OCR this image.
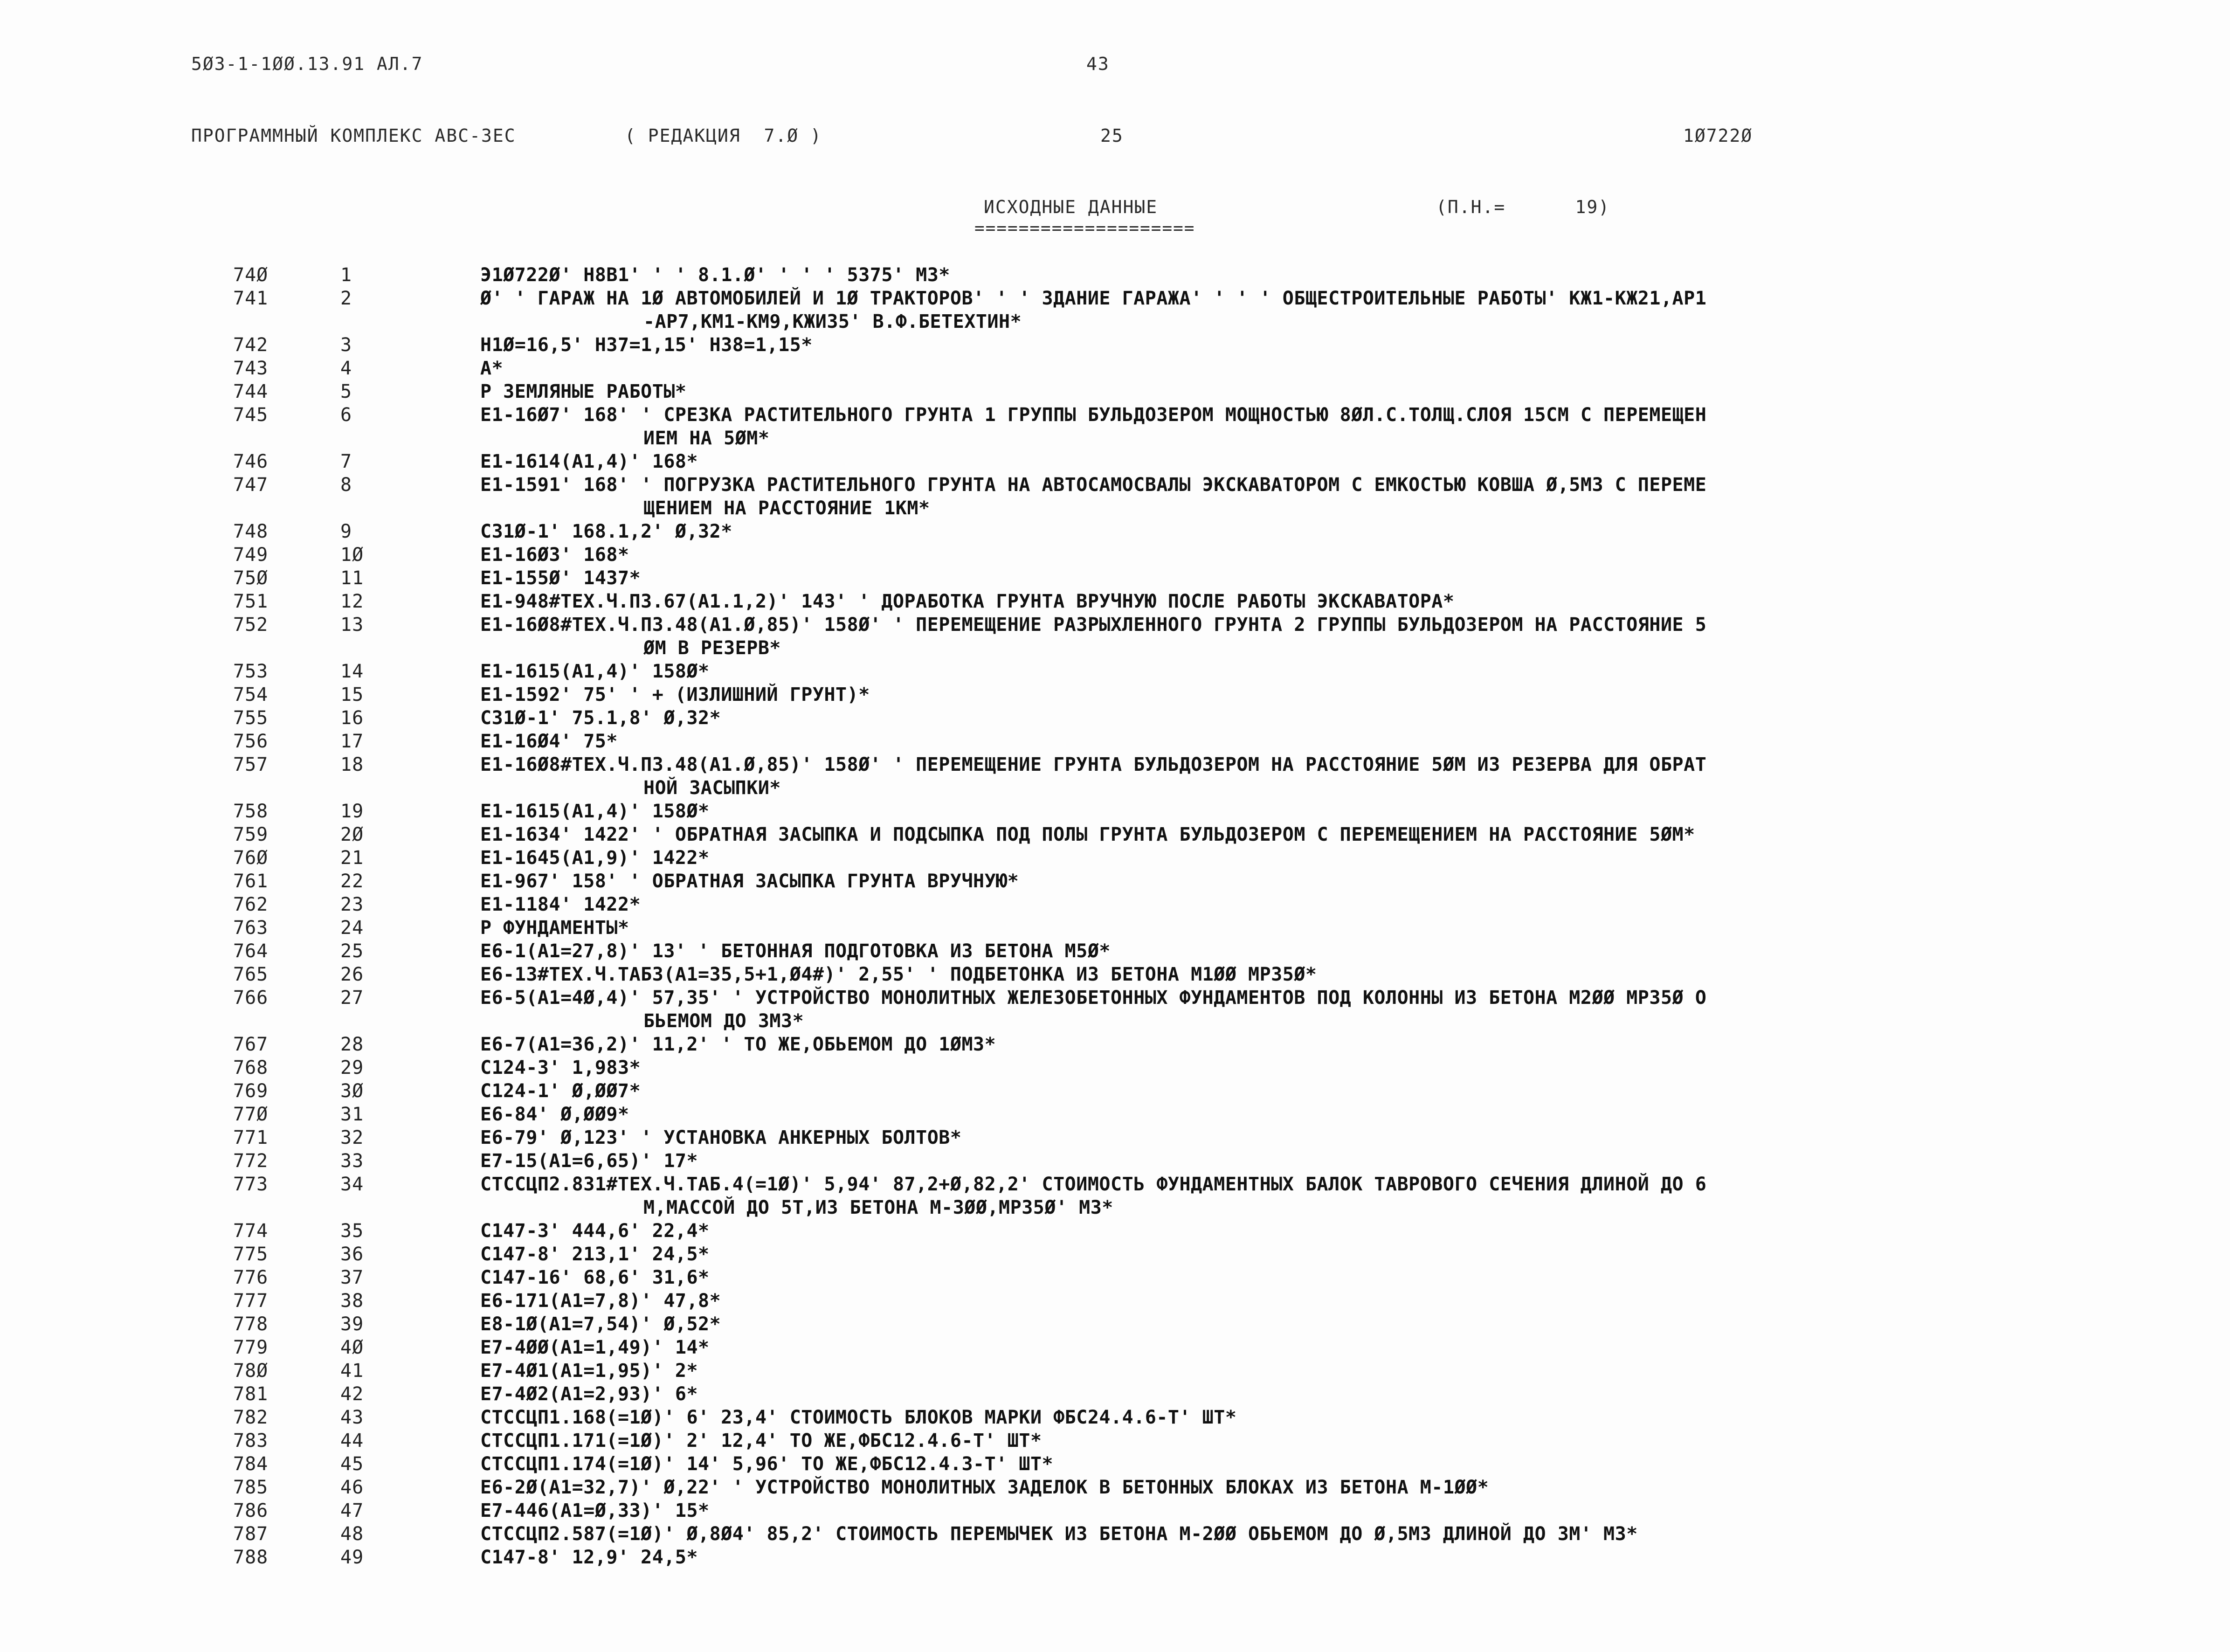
5Ø3-1-1ØØ.13.91 АЛ.7	43
ПРОГРАММНЫЙ КОМПЛЕКС АВС-3ЕС	( РЕДАКЦИЯ  7.Ø )	25	1Ø722Ø
ИСХОДНЫЕ ДАННЫЕ
====================
(П.Н.=      19)
74Ø	1	Э1Ø722Ø' Н8В1' ' ' 8.1.Ø' ' ' ' 5375' М3*
741	2	Ø' ' ГАРАЖ НА 1Ø АВТОМОБИЛЕЙ И 1Ø ТРАКТОРОВ' ' ' ЗДАНИЕ ГАРАЖА' ' ' ' ОБЩЕСТРОИТЕЛЬНЫЕ РАБОТЫ' КЖ1-КЖ21,АР1
-АР7,КМ1-КМ9,КЖИ35' В.Ф.БЕТЕХТИН*
742	3	Н1Ø=16,5' Н37=1,15' Н38=1,15*
743	4	А*
744	5	Р ЗЕМЛЯНЫЕ РАБОТЫ*
745	6	Е1-16Ø7' 168' ' СРЕЗКА РАСТИТЕЛЬНОГО ГРУНТА 1 ГРУППЫ БУЛЬДОЗЕРОМ МОЩНОСТЬЮ 8ØЛ.С.ТОЛЩ.СЛОЯ 15СМ С ПЕРЕМЕЩЕН
ИЕМ НА 5ØМ*
746	7	Е1-1614(А1,4)' 168*
747	8	Е1-1591' 168' ' ПОГРУЗКА РАСТИТЕЛЬНОГО ГРУНТА НА АВТОСАМОСВАЛЫ ЭКСКАВАТОРОМ С ЕМКОСТЬЮ КОВША Ø,5М3 С ПЕРЕМЕ
ЩЕНИЕМ НА РАССТОЯНИЕ 1КМ*
748	9	С31Ø-1' 168.1,2' Ø,32*
749	1Ø	Е1-16Ø3' 168*
75Ø	11	Е1-155Ø' 1437*
751	12	Е1-948#ТЕХ.Ч.П3.67(А1.1,2)' 143' ' ДОРАБОТКА ГРУНТА ВРУЧНУЮ ПОСЛЕ РАБОТЫ ЭКСКАВАТОРА*
752	13	Е1-16Ø8#ТЕХ.Ч.П3.48(А1.Ø,85)' 158Ø' ' ПЕРЕМЕЩЕНИЕ РАЗРЫХЛЕННОГО ГРУНТА 2 ГРУППЫ БУЛЬДОЗЕРОМ НА РАССТОЯНИЕ 5
ØМ В РЕЗЕРВ*
753	14	Е1-1615(А1,4)' 158Ø*
754	15	Е1-1592' 75' ' + (ИЗЛИШНИЙ ГРУНТ)*
755	16	С31Ø-1' 75.1,8' Ø,32*
756	17	Е1-16Ø4' 75*
757	18	Е1-16Ø8#ТЕХ.Ч.П3.48(А1.Ø,85)' 158Ø' ' ПЕРЕМЕЩЕНИЕ ГРУНТА БУЛЬДОЗЕРОМ НА РАССТОЯНИЕ 5ØМ ИЗ РЕЗЕРВА ДЛЯ ОБРАТ
НОЙ ЗАСЫПКИ*
758	19	Е1-1615(А1,4)' 158Ø*
759	2Ø	Е1-1634' 1422' ' ОБРАТНАЯ ЗАСЫПКА И ПОДСЫПКА ПОД ПОЛЫ ГРУНТА БУЛЬДОЗЕРОМ С ПЕРЕМЕЩЕНИЕМ НА РАССТОЯНИЕ 5ØМ*
76Ø	21	Е1-1645(А1,9)' 1422*
761	22	Е1-967' 158' ' ОБРАТНАЯ ЗАСЫПКА ГРУНТА ВРУЧНУЮ*
762	23	Е1-1184' 1422*
763	24	Р ФУНДАМЕНТЫ*
764	25	Е6-1(А1=27,8)' 13' ' БЕТОННАЯ ПОДГОТОВКА ИЗ БЕТОНА М5Ø*
765	26	Е6-13#ТЕХ.Ч.ТАБ3(А1=35,5+1,Ø4#)' 2,55' ' ПОДБЕТОНКА ИЗ БЕТОНА М1ØØ МР35Ø*
766	27	Е6-5(А1=4Ø,4)' 57,35' ' УСТРОЙСТВО МОНОЛИТНЫХ ЖЕЛЕЗОБЕТОННЫХ ФУНДАМЕНТОВ ПОД КОЛОННЫ ИЗ БЕТОНА М2ØØ МР35Ø О
БЬЕМОМ ДО 3М3*
767	28	Е6-7(А1=36,2)' 11,2' ' ТО ЖЕ,ОБЬЕМОМ ДО 1ØМ3*
768	29	С124-3' 1,983*
769	3Ø	С124-1' Ø,ØØ7*
77Ø	31	Е6-84' Ø,ØØ9*
771	32	Е6-79' Ø,123' ' УСТАНОВКА АНКЕРНЫХ БОЛТОВ*
772	33	Е7-15(А1=6,65)' 17*
773	34	СТССЦП2.831#ТЕХ.Ч.ТАБ.4(=1Ø)' 5,94' 87,2+Ø,82,2' СТОИМОСТЬ ФУНДАМЕНТНЫХ БАЛОК ТАВРОВОГО СЕЧЕНИЯ ДЛИНОЙ ДО 6
М,МАССОЙ ДО 5Т,ИЗ БЕТОНА М-3ØØ,МР35Ø' М3*
774	35	С147-3' 444,6' 22,4*
775	36	С147-8' 213,1' 24,5*
776	37	С147-16' 68,6' 31,6*
777	38	Е6-171(А1=7,8)' 47,8*
778	39	Е8-1Ø(А1=7,54)' Ø,52*
779	4Ø	Е7-4ØØ(А1=1,49)' 14*
78Ø	41	Е7-4Ø1(А1=1,95)' 2*
781	42	Е7-4Ø2(А1=2,93)' 6*
782	43	СТССЦП1.168(=1Ø)' 6' 23,4' СТОИМОСТЬ БЛОКОВ МАРКИ ФБС24.4.6-Т' ШТ*
783	44	СТССЦП1.171(=1Ø)' 2' 12,4' ТО ЖЕ,ФБС12.4.6-Т' ШТ*
784	45	СТССЦП1.174(=1Ø)' 14' 5,96' ТО ЖЕ,ФБС12.4.3-Т' ШТ*
785	46	Е6-2Ø(А1=32,7)' Ø,22' ' УСТРОЙСТВО МОНОЛИТНЫХ ЗАДЕЛОК В БЕТОННЫХ БЛОКАХ ИЗ БЕТОНА М-1ØØ*
786	47	Е7-446(А1=Ø,33)' 15*
787	48	СТССЦП2.587(=1Ø)' Ø,8Ø4' 85,2' СТОИМОСТЬ ПЕРЕМЫЧЕК ИЗ БЕТОНА М-2ØØ ОБЬЕМОМ ДО Ø,5М3 ДЛИНОЙ ДО 3М' М3*
788	49	С147-8' 12,9' 24,5*
